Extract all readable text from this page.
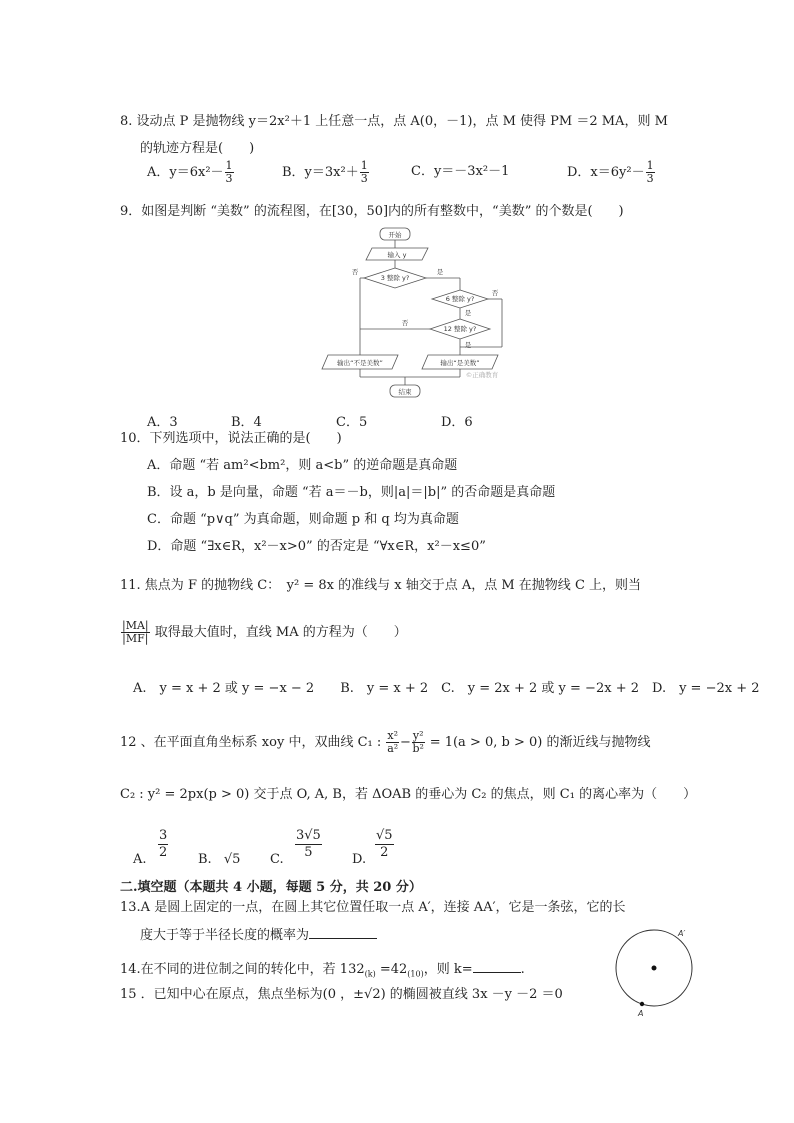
8. 设动点 P 是抛物线 y＝2x²＋1 上任意一点，点 A(0，－1)，点 M 使得 PM ＝2 MA，则 M
的轨迹方程是(　　)
A．$y=6x^2- \frac{1}{3}$	B．$y=3x^2+ \frac{1}{3}$	C．y＝－3x²－1	D．$x=6y^2- \frac{1}{3}$
9．如图是判断 “美数” 的流程图，在[30，50]内的所有整数中，“美数” 的个数是(　　)
开始
输入 y
3 整除 y?
6 整除 y?
12 整除 y?
是
否
是
否
否
是
输出“不是美数”	输出“是美数”
结束
©正确教育
A．3	B．4	C．5	D．6
10．下列选项中，说法正确的是(　　)
A．命题 “若 am²<bm²，则 a<b” 的逆命题是真命题
B．设 a，b 是向量，命题 “若 a＝－b，则|a|＝|b|” 的否命题是真命题
C．命题 “p∨q” 为真命题，则命题 p 和 q 均为真命题
D．命题 “∃x∈R，x²－x>0” 的否定是 “∀x∈R，x²－x≤0”
11. 焦点为 F 的抛物线 C：　y² = 8x 的准线与 x 轴交于点 A，点 M 在抛物线 C 上，则当
$\frac{|MA|}{|MF|}$ 取得最大值时，直线 MA 的方程为（　　）
A.　y = x + 2 或 y = −x − 2　　B.　y = x + 2　C.　y = 2x + 2 或 y = −2x + 2　D.　y = −2x + 2
12 、在平面直角坐标系 xoy 中，双曲线 C₁ : $\frac{\text{x²}}{\text{a²}} - \frac{\text{y²}}{\text{b²}} = 1(a > 0$, b > 0) 的渐近线与抛物线
C₂ : y² = 2px(p > 0) 交于点 O, A, B，若 ΔOAB 的垂心为 C₂ 的焦点，则 C₁ 的离心率为（　　）
A. $\frac{3}{2} B$. √5 C. $\frac{3√5}{5} D$. $\frac{√5}{2}$
二.填空题（本题共 4 小题，每题 5 分，共 20 分）
13.A 是圆上固定的一点，在圆上其它位置任取一点 A′，连接 AA′，它是一条弦，它的长
度大于等于半径长度的概率为	A′
A
14.在不同的进位制之间的转化中，若 $132_{(k)} =42_{(10)}$，则 k=	.
15 ．已知中心在原点，焦点坐标为(0 ，±√2) 的椭圆被直线 3x －y －2 ＝0
